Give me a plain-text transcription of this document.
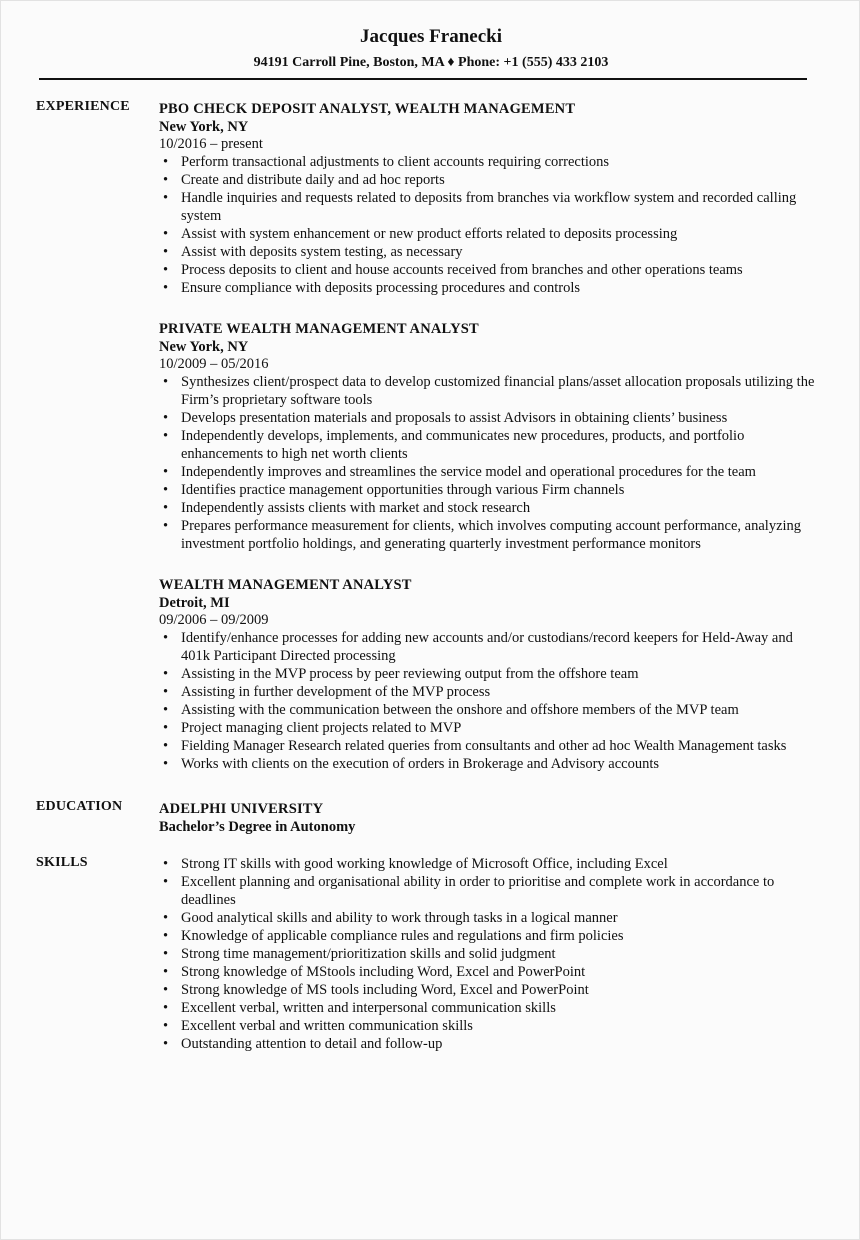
Jacques Franecki
94191 Carroll Pine, Boston, MA ♦ Phone: +1 (555) 433 2103
EXPERIENCE PBO CHECK DEPOSIT ANALYST, WEALTH MANAGEMENT
New York, NY
10/2016 – present
• Perform transactional adjustments to client accounts requiring corrections
• Create and distribute daily and ad hoc reports
• Handle inquiries and requests related to deposits from branches via workflow system and recorded calling system
• Assist with system enhancement or new product efforts related to deposits processing
• Assist with deposits system testing, as necessary
• Process deposits to client and house accounts received from branches and other operations teams
• Ensure compliance with deposits processing procedures and controls
PRIVATE WEALTH MANAGEMENT ANALYST
New York, NY
10/2009 – 05/2016
• Synthesizes client/prospect data to develop customized financial plans/asset allocation proposals utilizing the Firm’s proprietary software tools
• Develops presentation materials and proposals to assist Advisors in obtaining clients’ business
• Independently develops, implements, and communicates new procedures, products, and portfolio enhancements to high net worth clients
• Independently improves and streamlines the service model and operational procedures for the team
• Identifies practice management opportunities through various Firm channels
• Independently assists clients with market and stock research
• Prepares performance measurement for clients, which involves computing account performance, analyzing investment portfolio holdings, and generating quarterly investment performance monitors
WEALTH MANAGEMENT ANALYST
Detroit, MI
09/2006 – 09/2009
• Identify/enhance processes for adding new accounts and/or custodians/record keepers for Held-Away and 401k Participant Directed processing
• Assisting in the MVP process by peer reviewing output from the offshore team
• Assisting in further development of the MVP process
• Assisting with the communication between the onshore and offshore members of the MVP team
• Project managing client projects related to MVP
• Fielding Manager Research related queries from consultants and other ad hoc Wealth Management tasks
• Works with clients on the execution of orders in Brokerage and Advisory accounts
EDUCATION	ADELPHI UNIVERSITY
Bachelor’s Degree in Autonomy
SKILLS	• Strong IT skills with good working knowledge of Microsoft Office, including Excel
• Excellent planning and organisational ability in order to prioritise and complete work in accordance to deadlines
• Good analytical skills and ability to work through tasks in a logical manner
• Knowledge of applicable compliance rules and regulations and firm policies
• Strong time management/prioritization skills and solid judgment
• Strong knowledge of MStools including Word, Excel and PowerPoint
• Strong knowledge of MS tools including Word, Excel and PowerPoint
• Excellent verbal, written and interpersonal communication skills
• Excellent verbal and written communication skills
• Outstanding attention to detail and follow-up
